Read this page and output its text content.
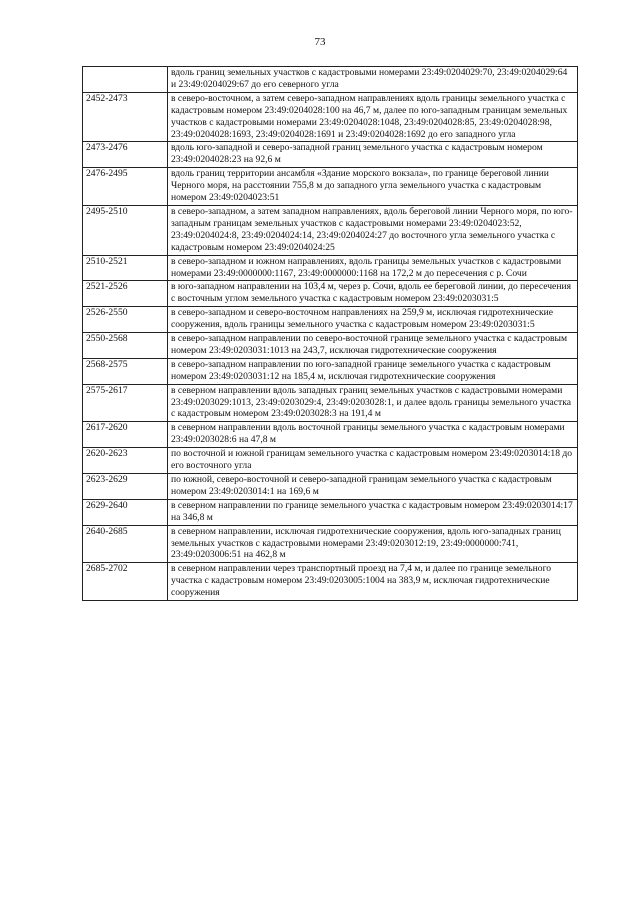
73
	вдоль границ земельных участков с кадастровыми номерами 23:49:0204029:70, 23:49:0204029:64 и 23:49:0204029:67 до его северного угла
2452-2473	в северо-восточном, а затем северо-западном направлениях вдоль границы земельного участка с кадастровым номером 23:49:0204028:100 на 46,7 м, далее по юго-западным границам земельных участков с кадастровыми номерами 23:49:0204028:1048, 23:49:0204028:85, 23:49:0204028:98, 23:49:0204028:1693, 23:49:0204028:1691 и 23:49:0204028:1692 до его западного угла
2473-2476	вдоль юго-западной и северо-западной границ земельного участка с кадастровым номером 23:49:0204028:23 на 92,6 м
2476-2495	вдоль границ территории ансамбля «Здание морского вокзала», по границе береговой линии Черного моря, на расстоянии 755,8 м до западного угла земельного участка с кадастровым номером 23:49:0204023:51
2495-2510	в северо-западном, а затем западном направлениях, вдоль береговой линии Черного моря, по юго-западным границам земельных участков с кадастровыми номерами 23:49:0204023:52, 23:49:0204024:8, 23:49:0204024:14, 23:49:0204024:27 до восточного угла земельного участка с кадастровым номером 23:49:0204024:25
2510-2521	в северо-западном и южном направлениях, вдоль границы земельных участков с кадастровыми номерами 23:49:0000000:1167, 23:49:0000000:1168 на 172,2 м до пересечения с р. Сочи
2521-2526	в юго-западном направлении на 103,4 м, через р. Сочи, вдоль ее береговой линии, до пересечения с восточным углом земельного участка с кадастровым номером 23:49:0203031:5
2526-2550	в северо-западном и северо-восточном направлениях на 259,9 м, исключая гидротехнические сооружения, вдоль границы земельного участка с кадастровым номером 23:49:0203031:5
2550-2568	в северо-западном направлении по северо-восточной границе земельного участка с кадастровым номером 23:49:0203031:1013 на 243,7, исключая гидротехнические сооружения
2568-2575	в северо-западном направлении по юго-западной границе земельного участка с кадастровым номером 23:49:0203031:12 на 185,4 м, исключая гидротехнические сооружения
2575-2617	в северном направлении вдоль западных границ земельных участков с кадастровыми номерами 23:49:0203029:1013, 23:49:0203029:4, 23:49:0203028:1, и далее вдоль границы земельного участка с кадастровым номером 23:49:0203028:3 на 191,4 м
2617-2620	в северном направлении вдоль восточной границы земельного участка с кадастровым номерами 23:49:0203028:6 на 47,8 м
2620-2623	по восточной и южной границам земельного участка с кадастровым номером 23:49:0203014:18 до его восточного угла
2623-2629	по южной, северо-восточной и северо-западной границам земельного участка с кадастровым номером 23:49:0203014:1 на 169,6 м
2629-2640	в северном направлении по границе земельного участка с кадастровым номером 23:49:0203014:17 на 346,8 м
2640-2685	в северном направлении, исключая гидротехнические сооружения, вдоль юго-западных границ земельных участков с кадастровыми номерами 23:49:0203012:19, 23:49:0000000:741, 23:49:0203006:51 на 462,8 м
2685-2702	в северном направлении через транспортный проезд на 7,4 м, и далее по границе земельного участка с кадастровым номером 23:49:0203005:1004 на 383,9 м, исключая гидротехнические сооружения
